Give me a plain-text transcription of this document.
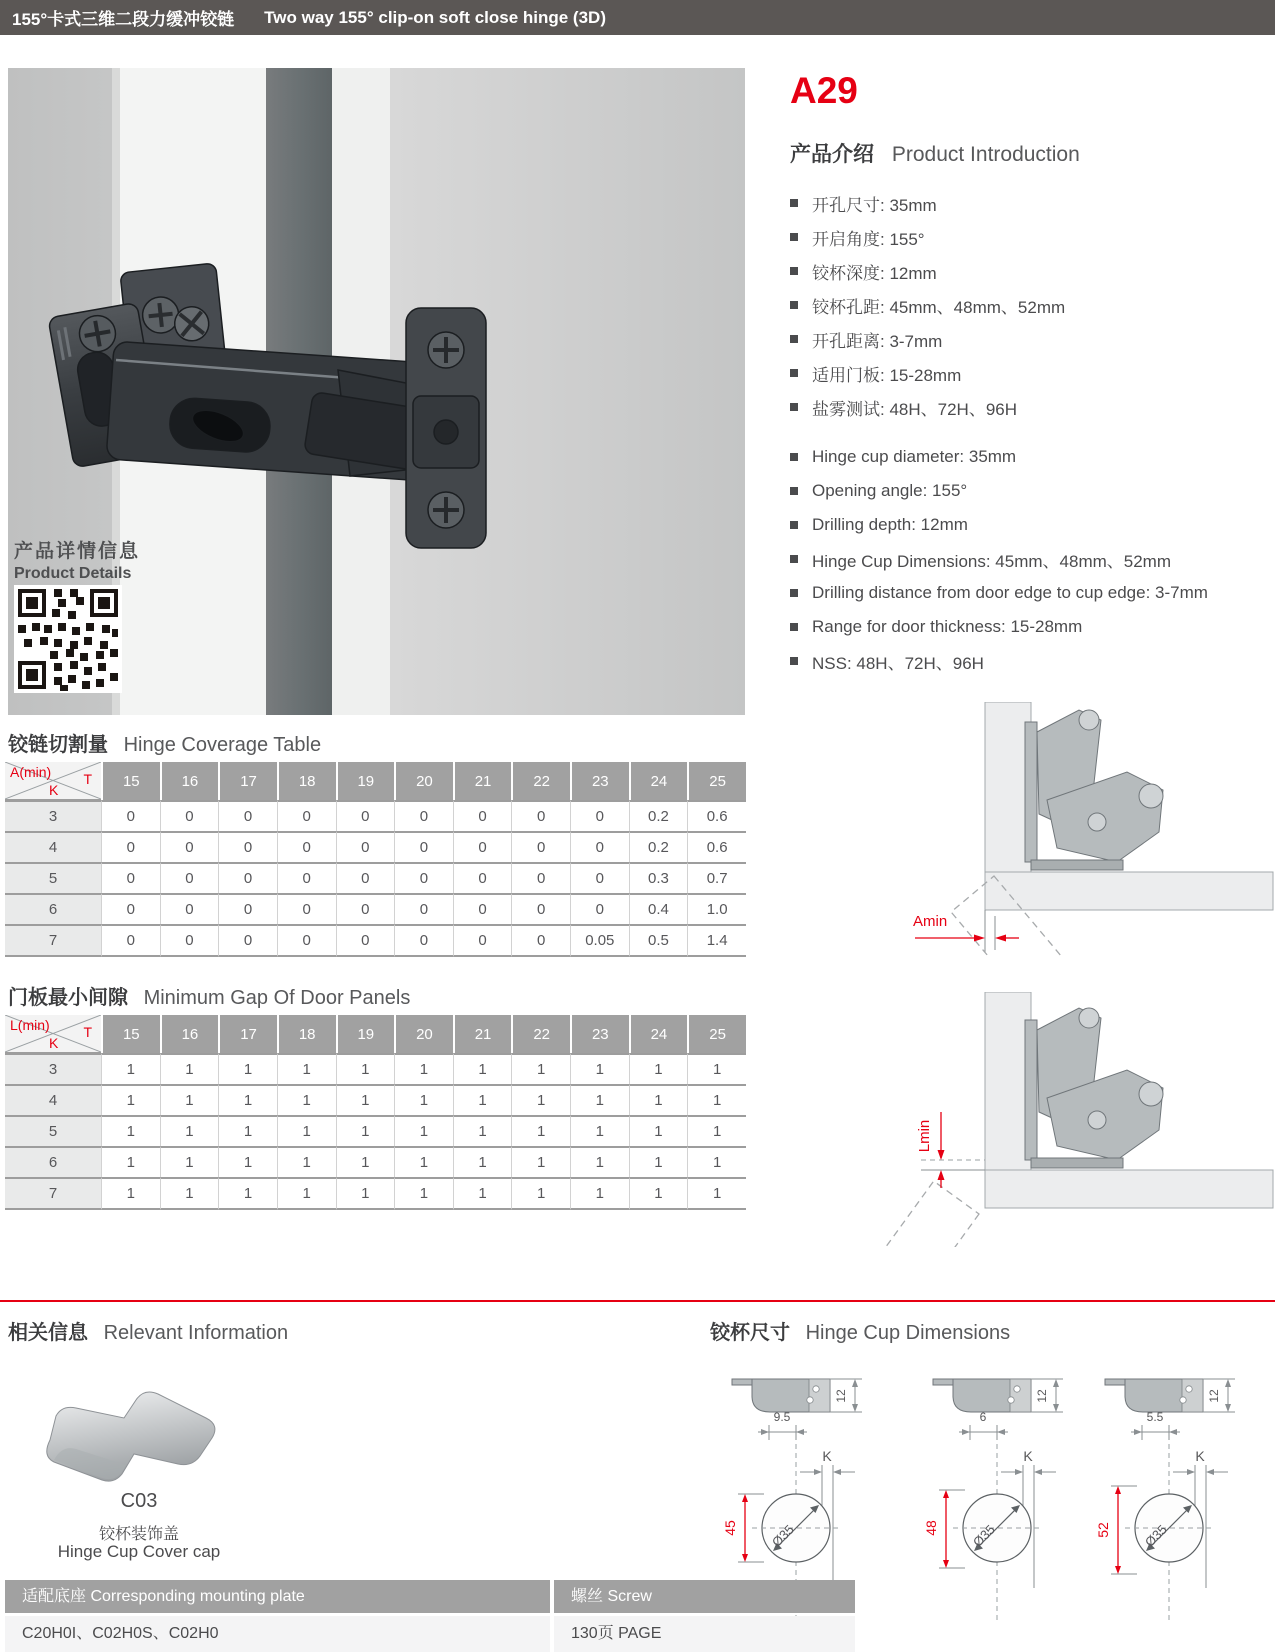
155°卡式三维二段力缓冲铰链 Two way 155° clip-on soft close hinge (3D)
产品详情信息
Product Details
A29
产品介绍 Product Introduction
开孔尺寸: 35mm
开启角度: 155°
铰杯深度: 12mm
铰杯孔距: 45mm、48mm、52mm
开孔距离: 3-7mm
适用门板: 15-28mm
盐雾测试: 48H、72H、96H
Hinge cup diameter: 35mm
Opening angle: 155°
Drilling depth: 12mm
Hinge Cup Dimensions: 45mm、48mm、52mm
Drilling distance from door edge to cup edge: 3-7mm
Range for door thickness: 15-28mm
NSS: 48H、72H、96H
铰链切割量 Hinge Coverage Table
A(min) T
K	15	16	17	18	19	20	21	22	23	24	25
3	0	0	0	0	0	0	0	0	0	0.2	0.6
4	0	0	0	0	0	0	0	0	0	0.2	0.6
5	0	0	0	0	0	0	0	0	0	0.3	0.7
6	0	0	0	0	0	0	0	0	0	0.4	1.0
7	0	0	0	0	0	0	0	0	0.05	0.5	1.4
门板最小间隙 Minimum Gap Of Door Panels
L(min) T
K	15	16	17	18	19	20	21	22	23	24	25
3	1	1	1	1	1	1	1	1	1	1	1
4	1	1	1	1	1	1	1	1	1	1	1
5	1	1	1	1	1	1	1	1	1	1	1
6	1	1	1	1	1	1	1	1	1	1	1
7	1	1	1	1	1	1	1	1	1	1	1
Amin
Lmin
相关信息 Relevant Information
C03
铰杯装饰盖
Hinge Cup Cover cap
铰杯尺寸 Hinge Cup Dimensions
12
9.5
K
Ø35
45
12
6
K
Ø35
48
12
5.5
K
Ø35
52
适配底座 Corresponding mounting plate	螺丝 Screw
C20H0I、C02H0S、C02H0	130页 PAGE
